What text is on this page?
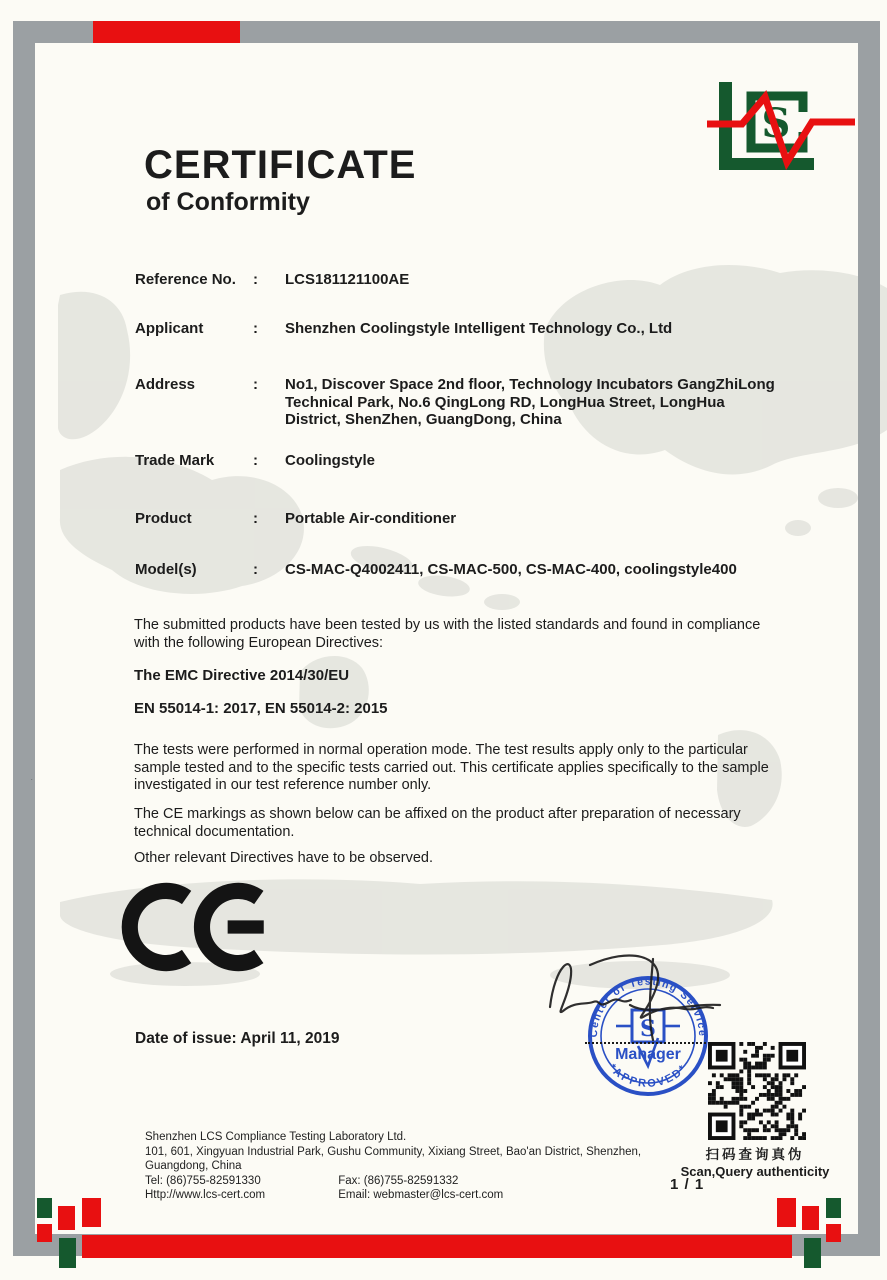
S
CERTIFICATE
of Conformity
Reference No.	: LCS181121100AE
Applicant	: Shenzhen Coolingstyle Intelligent Technology Co., Ltd
Address	: No1, Discover Space 2nd floor, Technology Incubators GangZhiLong Technical Park, No.6 QingLong RD, LongHua Street, LongHua District, ShenZhen, GuangDong, China
Trade Mark	: Coolingstyle
Product	: Portable Air-conditioner
Model(s)	: CS-MAC-Q4002411, CS-MAC-500, CS-MAC-400, coolingstyle400
The submitted products have been tested by us with the listed standards and found in compliance with the following European Directives:
The EMC Directive 2014/30/EU
EN 55014-1: 2017, EN 55014-2: 2015
The tests were performed in normal operation mode. The test results apply only to the particular sample tested and to the specific tests carried out. This certificate applies specifically to the sample investigated in our test reference number only.
The CE markings as shown below can be affixed on the product after preparation of necessary technical documentation.
Other relevant Directives have to be observed.
CE
Date of issue: April 11, 2019	S
Center of Testing Service
*APPROVED*
Manager
扫码查询真伪
Scan,Query authenticity
Shenzhen LCS Compliance Testing Laboratory Ltd.
101, 601, Xingyuan Industrial Park, Gushu Community, Xixiang Street, Bao'an District, Shenzhen,
Guangdong, China
Tel: (86)755-82591330	Fax: (86)755-82591332
Http://www.lcs-cert.com	Email: webmaster@lcs-cert.com
1 / 1
